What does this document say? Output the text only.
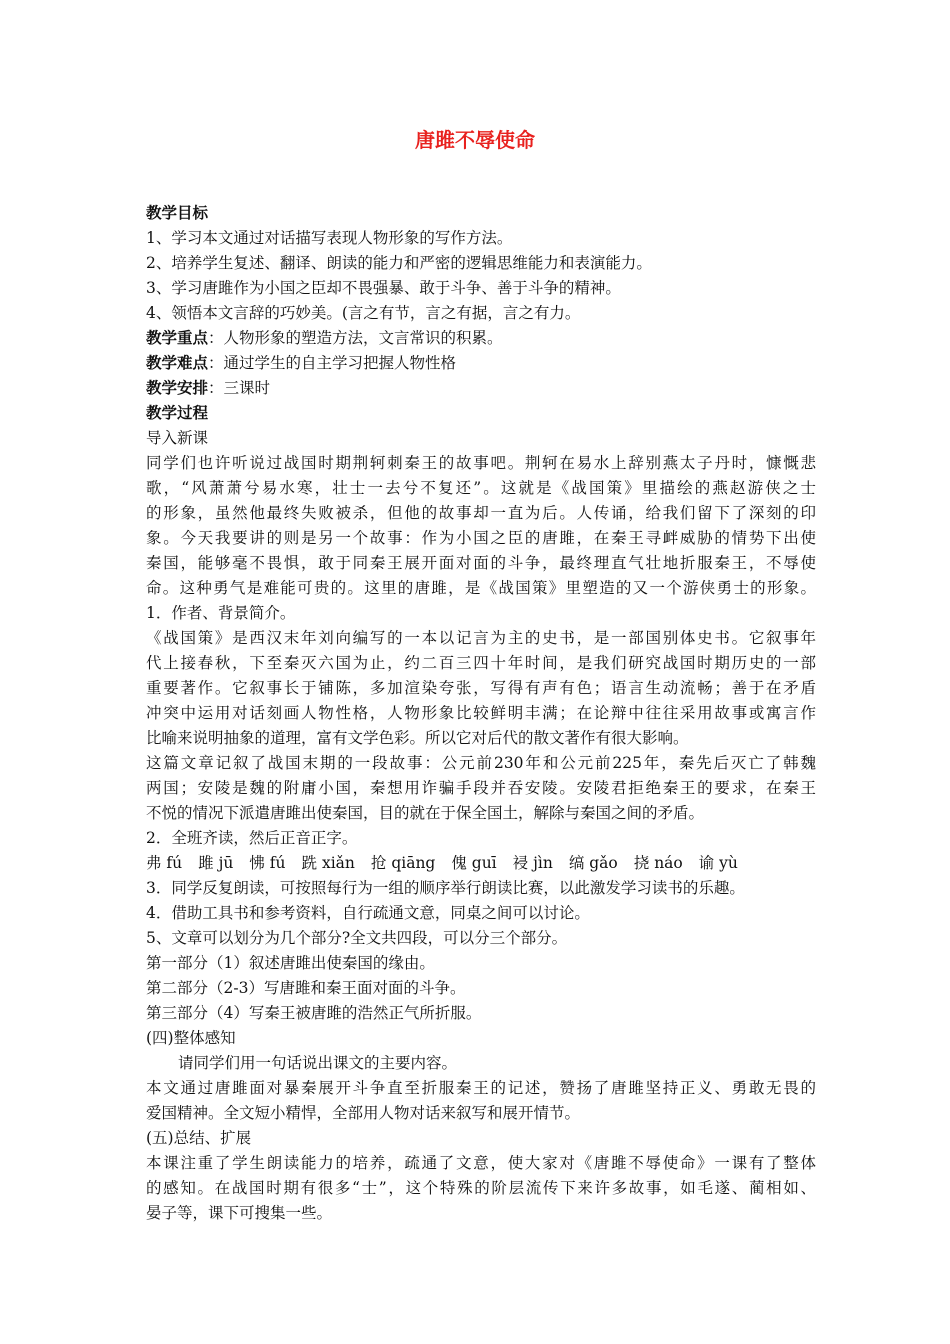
唐雎不辱使命
教学目标
1、学习本文通过对话描写表现人物形象的写作方法。
2、培养学生复述、翻译、朗读的能力和严密的逻辑思维能力和表演能力。
3、学习唐雎作为小国之臣却不畏强暴、敢于斗争、善于斗争的精神。
4、领悟本文言辞的巧妙美。(言之有节，言之有据，言之有力。
教学重点：人物形象的塑造方法，文言常识的积累。
教学难点：通过学生的自主学习把握人物性格
教学安排：三课时
教学过程
导入新课
同学们也许听说过战国时期荆轲刺秦王的故事吧。荆轲在易水上辞别燕太子丹时，慷慨悲
歌，“风萧萧兮易水寒，壮士一去兮不复还”。这就是《战国策》里描绘的燕赵游侠之士
的形象，虽然他最终失败被杀，但他的故事却一直为后。人传诵，给我们留下了深刻的印
象。今天我要讲的则是另一个故事：作为小国之臣的唐雎，在秦王寻衅威胁的情势下出使
秦国，能够毫不畏惧，敢于同秦王展开面对面的斗争，最终理直气壮地折服秦王，不辱使
命。这种勇气是难能可贵的。这里的唐雎，是《战国策》里塑造的又一个游侠勇士的形象。
1．作者、背景简介。
《战国策》是西汉末年刘向编写的一本以记言为主的史书，是一部国别体史书。它叙事年
代上接春秋，下至秦灭六国为止，约二百三四十年时间，是我们研究战国时期历史的一部
重要著作。它叙事长于铺陈，多加渲染夸张，写得有声有色；语言生动流畅；善于在矛盾
冲突中运用对话刻画人物性格，人物形象比较鲜明丰满；在论辩中往往采用故事或寓言作
比喻来说明抽象的道理，富有文学色彩。所以它对后代的散文著作有很大影响。
这篇文章记叙了战国末期的一段故事：公元前230年和公元前225年，秦先后灭亡了韩魏
两国；安陵是魏的附庸小国，秦想用诈骗手段并吞安陵。安陵君拒绝秦王的要求，在秦王
不悦的情况下派遣唐雎出使秦国，目的就在于保全国土，解除与秦国之间的矛盾。
2．全班齐读，然后正音正字。
弗 fú 雎 jū 怫 fú 跣 xiǎn 抢 qiāng 傀 guī 祲 jìn 缟 gǎo 挠 náo 谕 yù
3．同学反复朗读，可按照每行为一组的顺序举行朗读比赛，以此激发学习读书的乐趣。
4．借助工具书和参考资料，自行疏通文意，同桌之间可以讨论。
5、文章可以划分为几个部分?全文共四段，可以分三个部分。
第一部分（1）叙述唐雎出使秦国的缘由。
第二部分（2-3）写唐雎和秦王面对面的斗争。
第三部分（4）写秦王被唐雎的浩然正气所折服。
(四)整体感知
请同学们用一句话说出课文的主要内容。
本文通过唐雎面对暴秦展开斗争直至折服秦王的记述，赞扬了唐雎坚持正义、勇敢无畏的
爱国精神。全文短小精悍，全部用人物对话来叙写和展开情节。
(五)总结、扩展
本课注重了学生朗读能力的培养，疏通了文意，使大家对《唐雎不辱使命》一课有了整体
的感知。在战国时期有很多“士”，这个特殊的阶层流传下来许多故事，如毛遂、蔺相如、
晏子等，课下可搜集一些。
